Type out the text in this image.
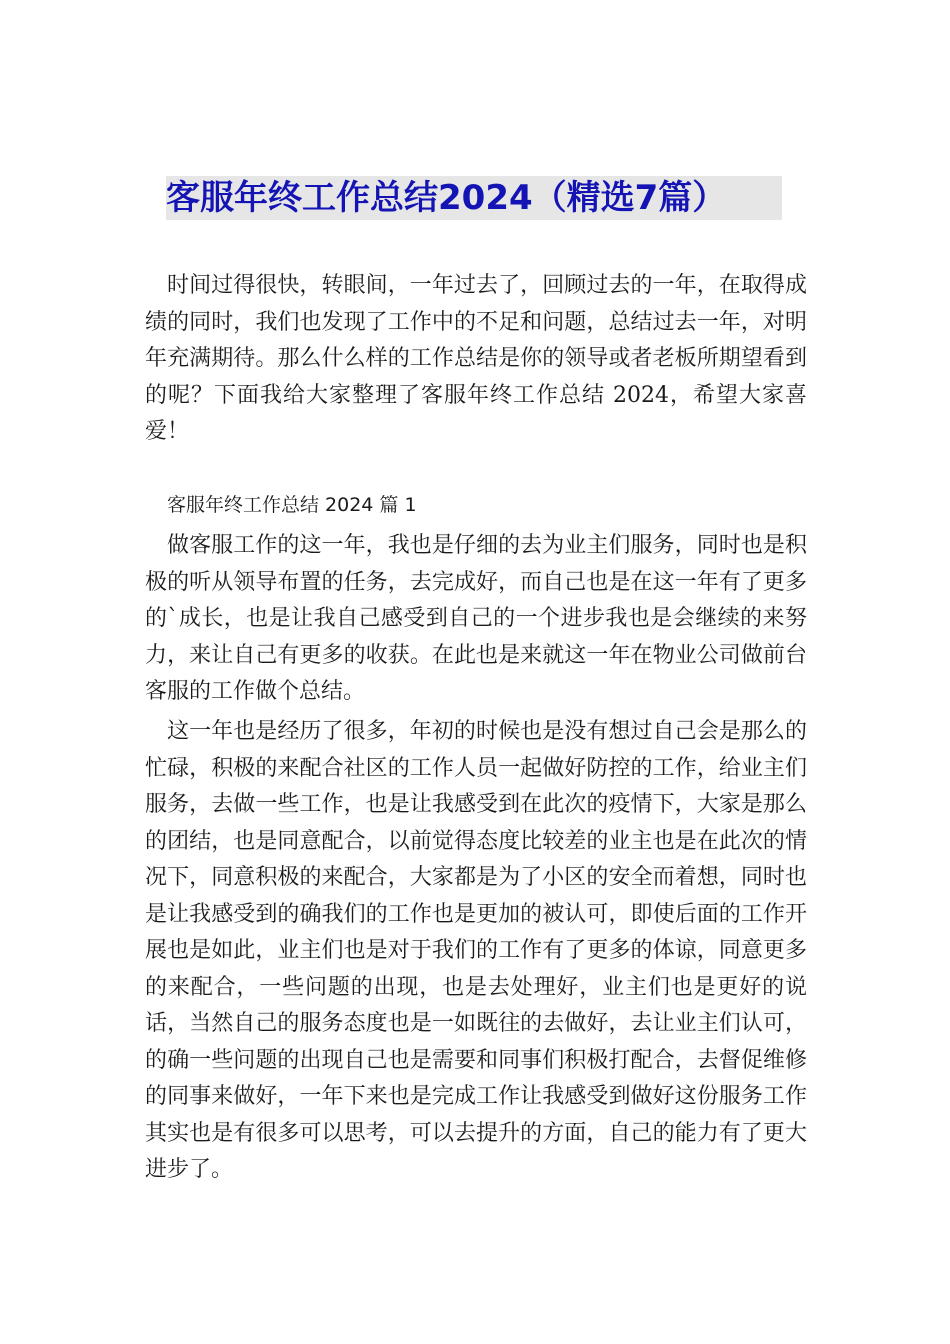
客服年终工作总结2024（精选7篇）

时间过得很快，转眼间，一年过去了，回顾过去的一年，在取得成绩的同时，我们也发现了工作中的不足和问题，总结过去一年，对明年充满期待。那么什么样的工作总结是你的领导或者老板所期望看到的呢？下面我给大家整理了客服年终工作总结 2024，希望大家喜爱！

客服年终工作总结 2024 篇 1

做客服工作的这一年，我也是仔细的去为业主们服务，同时也是积极的听从领导布置的任务，去完成好，而自己也是在这一年有了更多的`成长，也是让我自己感受到自己的一个进步我也是会继续的来努力，来让自己有更多的收获。在此也是来就这一年在物业公司做前台客服的工作做个总结。

这一年也是经历了很多，年初的时候也是没有想过自己会是那么的忙碌，积极的来配合社区的工作人员一起做好防控的工作，给业主们服务，去做一些工作，也是让我感受到在此次的疫情下，大家是那么的团结，也是同意配合，以前觉得态度比较差的业主也是在此次的情况下，同意积极的来配合，大家都是为了小区的安全而着想，同时也是让我感受到的确我们的工作也是更加的被认可，即使后面的工作开展也是如此，业主们也是对于我们的工作有了更多的体谅，同意更多的来配合，一些问题的出现，也是去处理好，业主们也是更好的说话，当然自己的服务态度也是一如既往的去做好，去让业主们认可，的确一些问题的出现自己也是需要和同事们积极打配合，去督促维修的同事来做好，一年下来也是完成工作让我感受到做好这份服务工作其实也是有很多可以思考，可以去提升的方面，自己的能力有了更大进步了。
